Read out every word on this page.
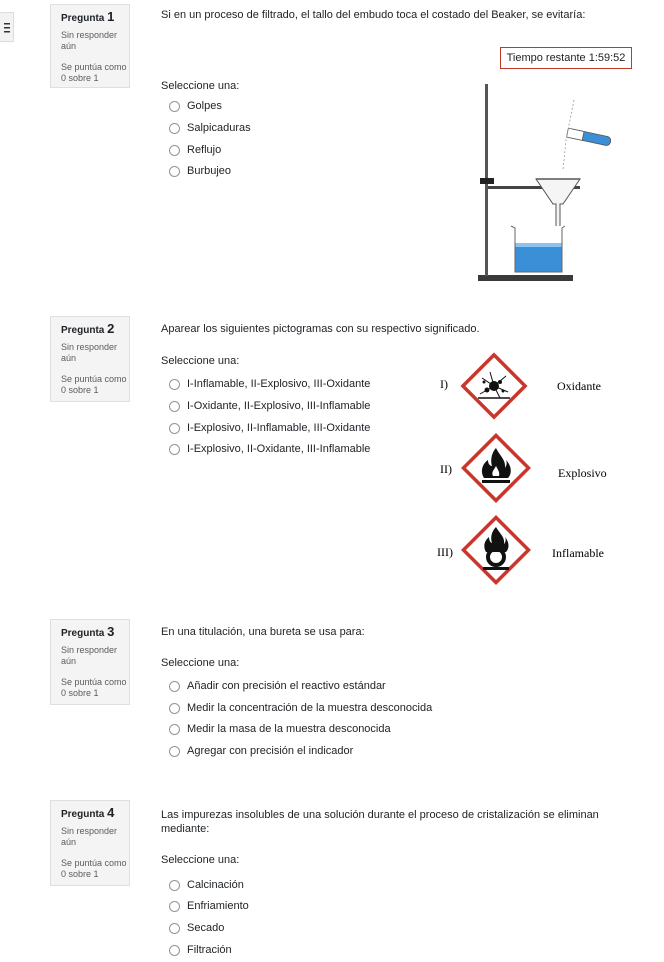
Tiempo restante
1:59:52
Pregunta 1
Sin responder aún
Se puntúa como 0 sobre 1
Si en un proceso de filtrado, el tallo del embudo toca el costado del Beaker, se evitaría:
Seleccione una:
Golpes
Salpicaduras
Reflujo
Burbujeo
Pregunta 2
Sin responder aún
Se puntúa como 0 sobre 1
Aparear los siguientes pictogramas con su respectivo significado.
Seleccione una:
I-Inflamable, II-Explosivo, III-Oxidante
I-Oxidante, II-Explosivo, III-Inflamable
I-Explosivo, II-Inflamable, III-Oxidante
I-Explosivo, II-Oxidante, III-Inflamable
I)	Oxidante
II)	Explosivo
III)	Inflamable
Pregunta 3
Sin responder aún
Se puntúa como 0 sobre 1
En una titulación, una bureta se usa para:
Seleccione una:
Añadir con precisión el reactivo estándar
Medir la concentración de la muestra desconocida
Medir la masa de la muestra desconocida
Agregar con precisión el indicador
Pregunta 4
Sin responder aún
Se puntúa como 0 sobre 1
Las impurezas insolubles de una solución durante el proceso de cristalización se eliminan
mediante:
Seleccione una:
Calcinación
Enfriamiento
Secado
Filtración
